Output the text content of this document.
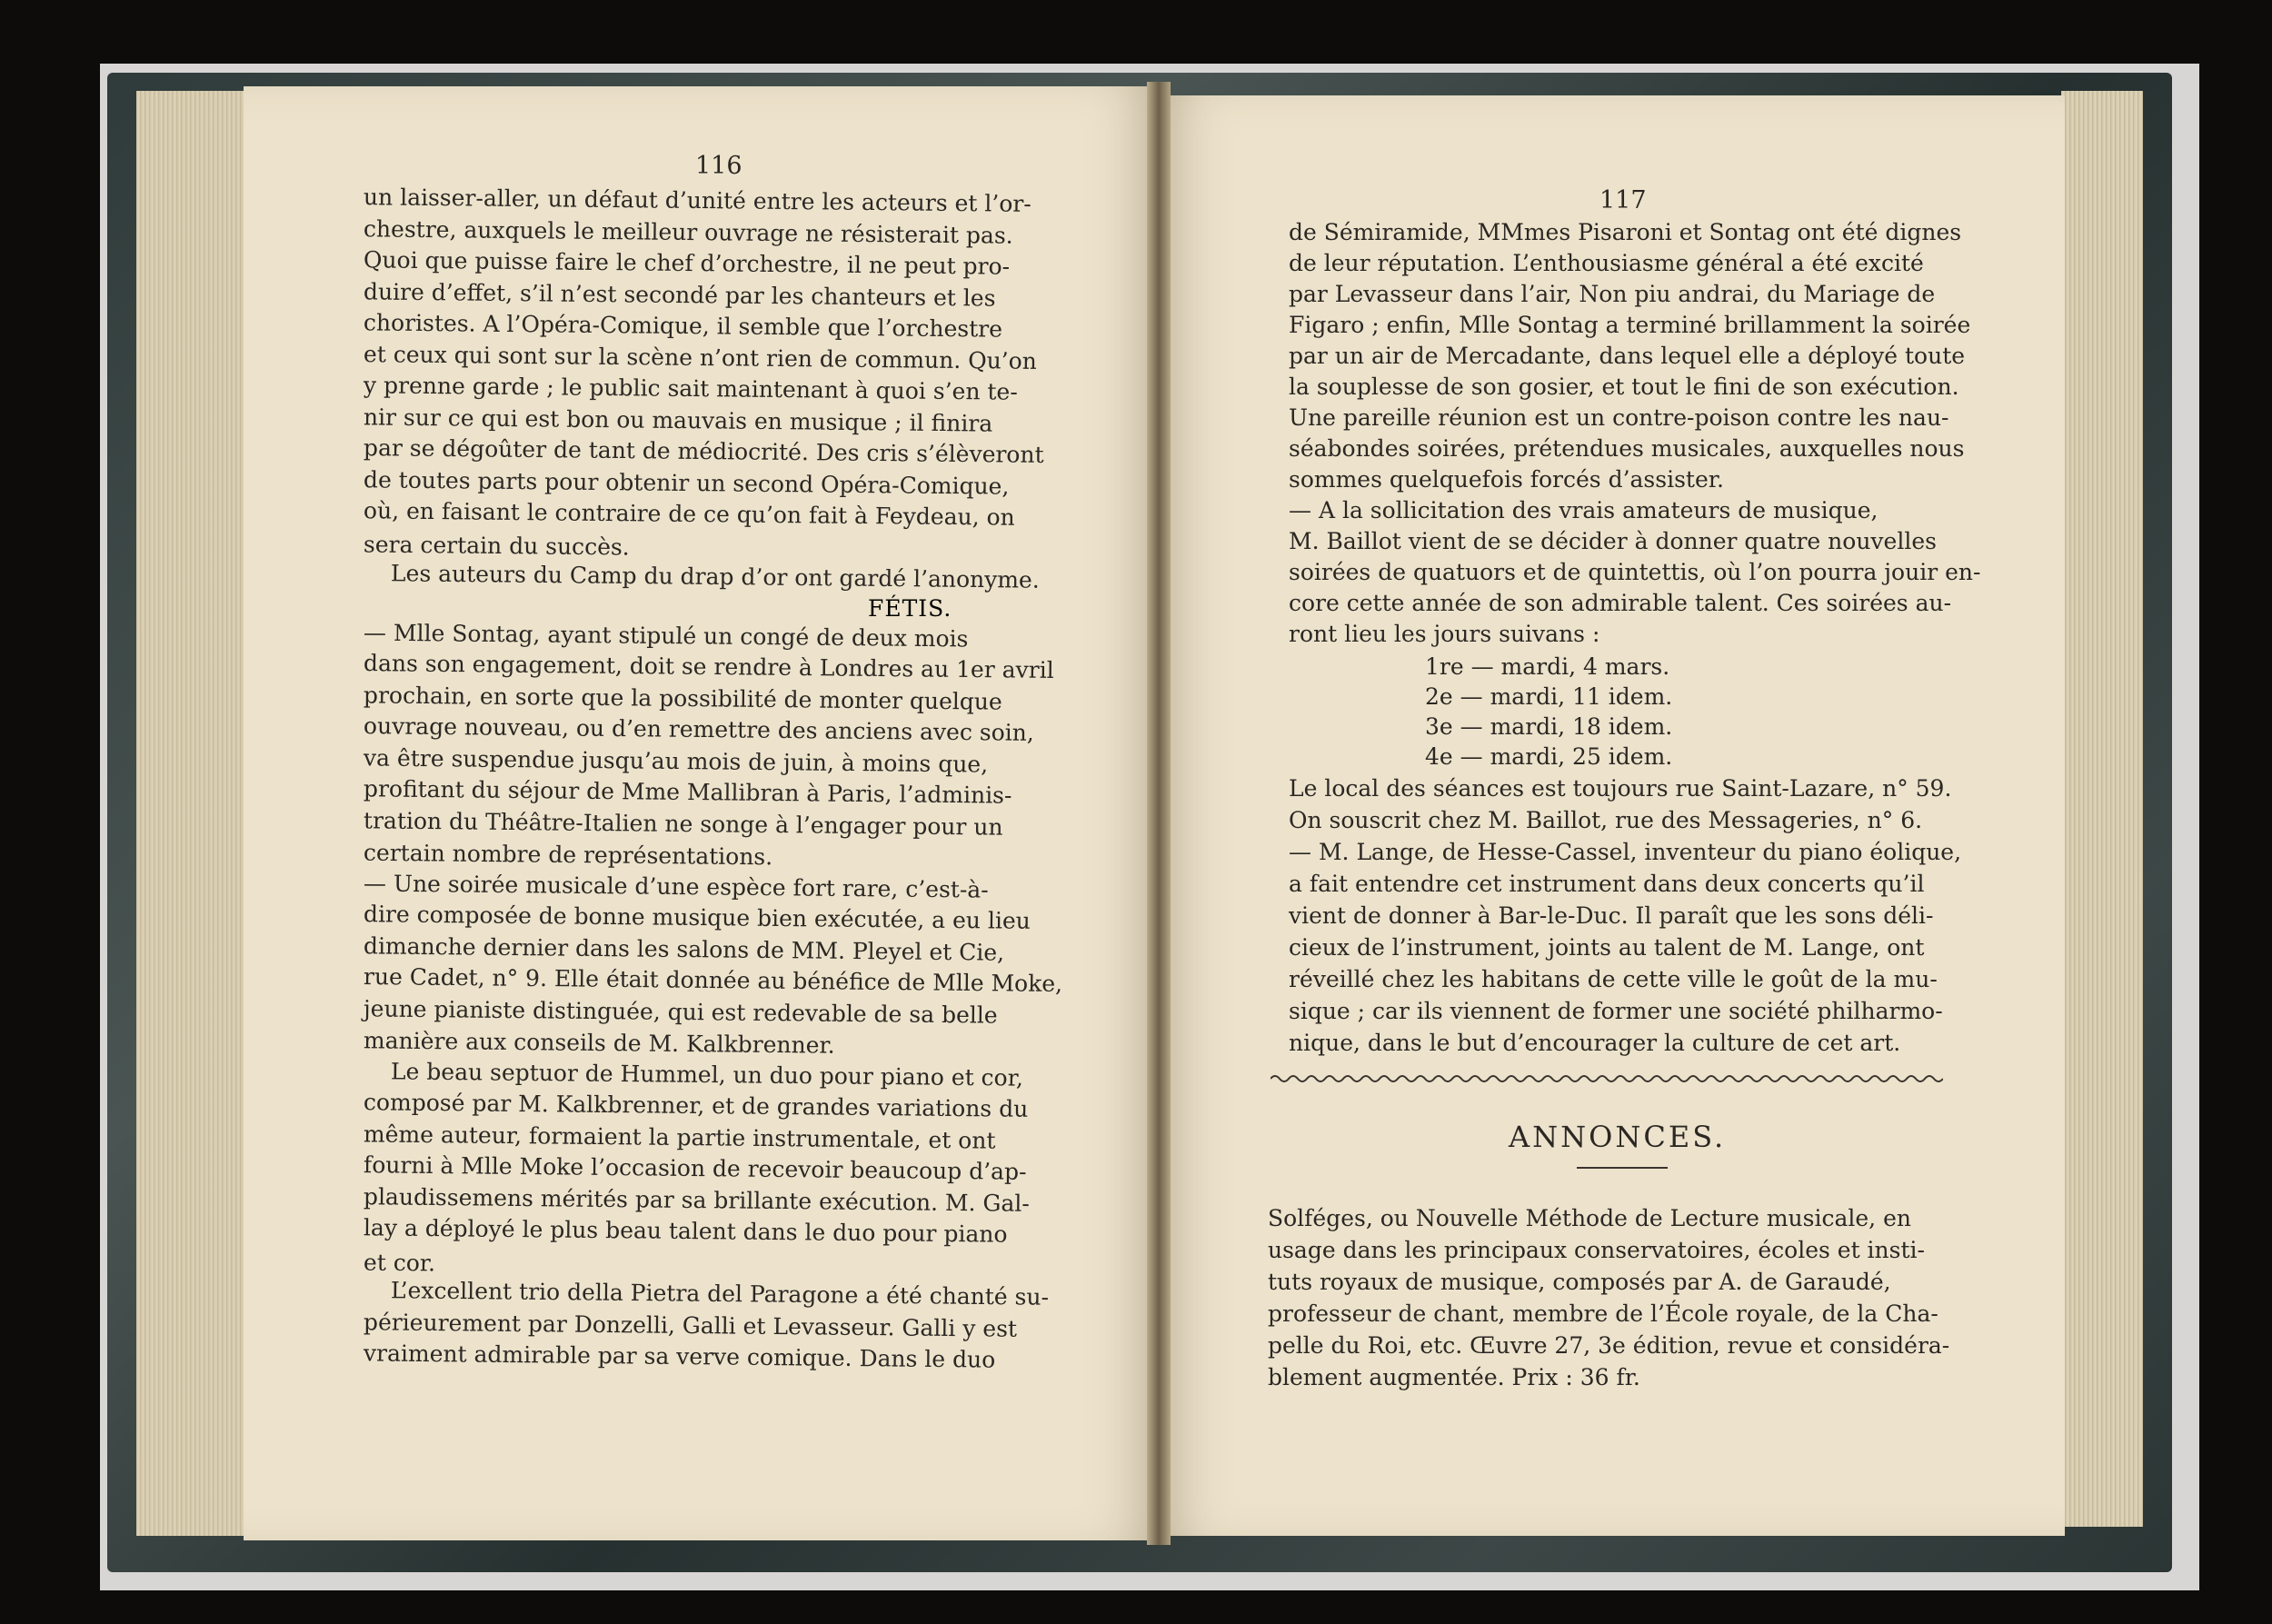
116
un laisser-aller, un défaut d’unité entre les acteurs et l’or-
chestre, auxquels le meilleur ouvrage ne résisterait pas.
Quoi que puisse faire le chef d’orchestre, il ne peut pro-
duire d’effet, s’il n’est secondé par les chanteurs et les
choristes. A l’Opéra-Comique, il semble que l’orchestre
et ceux qui sont sur la scène n’ont rien de commun. Qu’on
y prenne garde ; le public sait maintenant à quoi s’en te-
nir sur ce qui est bon ou mauvais en musique ; il finira
par se dégoûter de tant de médiocrité. Des cris s’élèveront
de toutes parts pour obtenir un second Opéra-Comique,
où, en faisant le contraire de ce qu’on fait à Feydeau, on
sera certain du succès.
Les auteurs du Camp du drap d’or ont gardé l’anonyme.
— Mlle Sontag, ayant stipulé un congé de deux mois
dans son engagement, doit se rendre à Londres au 1er avril
prochain, en sorte que la possibilité de monter quelque
ouvrage nouveau, ou d’en remettre des anciens avec soin,
va être suspendue jusqu’au mois de juin, à moins que,
profitant du séjour de Mme Mallibran à Paris, l’adminis-
tration du Théâtre-Italien ne songe à l’engager pour un
certain nombre de représentations.
— Une soirée musicale d’une espèce fort rare, c’est-à-
dire composée de bonne musique bien exécutée, a eu lieu
dimanche dernier dans les salons de MM. Pleyel et Cie,
rue Cadet, n° 9. Elle était donnée au bénéfice de Mlle Moke,
jeune pianiste distinguée, qui est redevable de sa belle
manière aux conseils de M. Kalkbrenner.
Le beau septuor de Hummel, un duo pour piano et cor,
composé par M. Kalkbrenner, et de grandes variations du
même auteur, formaient la partie instrumentale, et ont
fourni à Mlle Moke l’occasion de recevoir beaucoup d’ap-
plaudissemens mérités par sa brillante exécution. M. Gal-
lay a déployé le plus beau talent dans le duo pour piano
et cor.
L’excellent trio della Pietra del Paragone a été chanté su-
périeurement par Donzelli, Galli et Levasseur. Galli y est
vraiment admirable par sa verve comique. Dans le duo
FÉTIS.
117
de Sémiramide, MMmes Pisaroni et Sontag ont été dignes
de leur réputation. L’enthousiasme général a été excité
par Levasseur dans l’air, Non piu andrai, du Mariage de
Figaro ; enfin, Mlle Sontag a terminé brillamment la soirée
par un air de Mercadante, dans lequel elle a déployé toute
la souplesse de son gosier, et tout le fini de son exécution.
Une pareille réunion est un contre-poison contre les nau-
séabondes soirées, prétendues musicales, auxquelles nous
sommes quelquefois forcés d’assister.
— A la sollicitation des vrais amateurs de musique,
M. Baillot vient de se décider à donner quatre nouvelles
soirées de quatuors et de quintettis, où l’on pourra jouir en-
core cette année de son admirable talent. Ces soirées au-
ront lieu les jours suivans :
1re — mardi, 4 mars.
2e — mardi, 11 idem.
3e — mardi, 18 idem.
4e — mardi, 25 idem.
Le local des séances est toujours rue Saint-Lazare, n° 59.
On souscrit chez M. Baillot, rue des Messageries, n° 6.
— M. Lange, de Hesse-Cassel, inventeur du piano éolique,
a fait entendre cet instrument dans deux concerts qu’il
vient de donner à Bar-le-Duc. Il paraît que les sons déli-
cieux de l’instrument, joints au talent de M. Lange, ont
réveillé chez les habitans de cette ville le goût de la mu-
sique ; car ils viennent de former une société philharmo-
nique, dans le but d’encourager la culture de cet art.
ANNONCES.
Solféges, ou Nouvelle Méthode de Lecture musicale, en
usage dans les principaux conservatoires, écoles et insti-
tuts royaux de musique, composés par A. de Garaudé,
professeur de chant, membre de l’École royale, de la Cha-
pelle du Roi, etc. Œuvre 27, 3e édition, revue et considéra-
blement augmentée. Prix : 36 fr.
